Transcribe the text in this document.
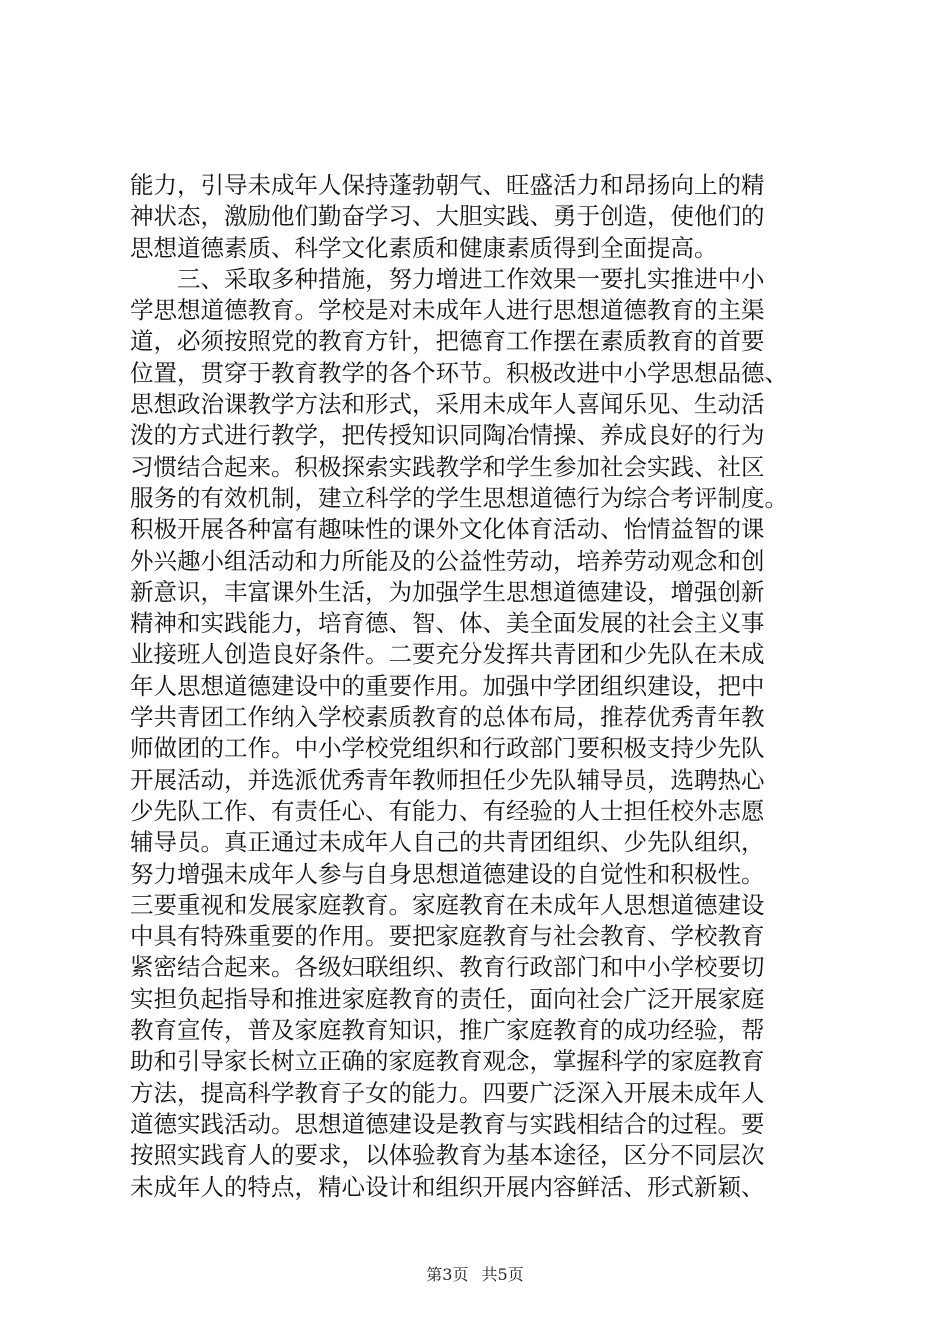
能力，引导未成年人保持蓬勃朝气、旺盛活力和昂扬向上的精
神状态，激励他们勤奋学习、大胆实践、勇于创造，使他们的
思想道德素质、科学文化素质和健康素质得到全面提高。
　　三、采取多种措施，努力增进工作效果一要扎实推进中小
学思想道德教育。学校是对未成年人进行思想道德教育的主渠
道，必须按照党的教育方针，把德育工作摆在素质教育的首要
位置，贯穿于教育教学的各个环节。积极改进中小学思想品德、
思想政治课教学方法和形式，采用未成年人喜闻乐见、生动活
泼的方式进行教学，把传授知识同陶冶情操、养成良好的行为
习惯结合起来。积极探索实践教学和学生参加社会实践、社区
服务的有效机制，建立科学的学生思想道德行为综合考评制度。
积极开展各种富有趣味性的课外文化体育活动、怡情益智的课
外兴趣小组活动和力所能及的公益性劳动，培养劳动观念和创
新意识，丰富课外生活，为加强学生思想道德建设，增强创新
精神和实践能力，培育德、智、体、美全面发展的社会主义事
业接班人创造良好条件。二要充分发挥共青团和少先队在未成
年人思想道德建设中的重要作用。加强中学团组织建设，把中
学共青团工作纳入学校素质教育的总体布局，推荐优秀青年教
师做团的工作。中小学校党组织和行政部门要积极支持少先队
开展活动，并选派优秀青年教师担任少先队辅导员，选聘热心
少先队工作、有责任心、有能力、有经验的人士担任校外志愿
辅导员。真正通过未成年人自己的共青团组织、少先队组织，
努力增强未成年人参与自身思想道德建设的自觉性和积极性。
三要重视和发展家庭教育。家庭教育在未成年人思想道德建设
中具有特殊重要的作用。要把家庭教育与社会教育、学校教育
紧密结合起来。各级妇联组织、教育行政部门和中小学校要切
实担负起指导和推进家庭教育的责任，面向社会广泛开展家庭
教育宣传，普及家庭教育知识，推广家庭教育的成功经验，帮
助和引导家长树立正确的家庭教育观念，掌握科学的家庭教育
方法，提高科学教育子女的能力。四要广泛深入开展未成年人
道德实践活动。思想道德建设是教育与实践相结合的过程。要
按照实践育人的要求，以体验教育为基本途径，区分不同层次
未成年人的特点，精心设计和组织开展内容鲜活、形式新颖、
第3页 共5页
